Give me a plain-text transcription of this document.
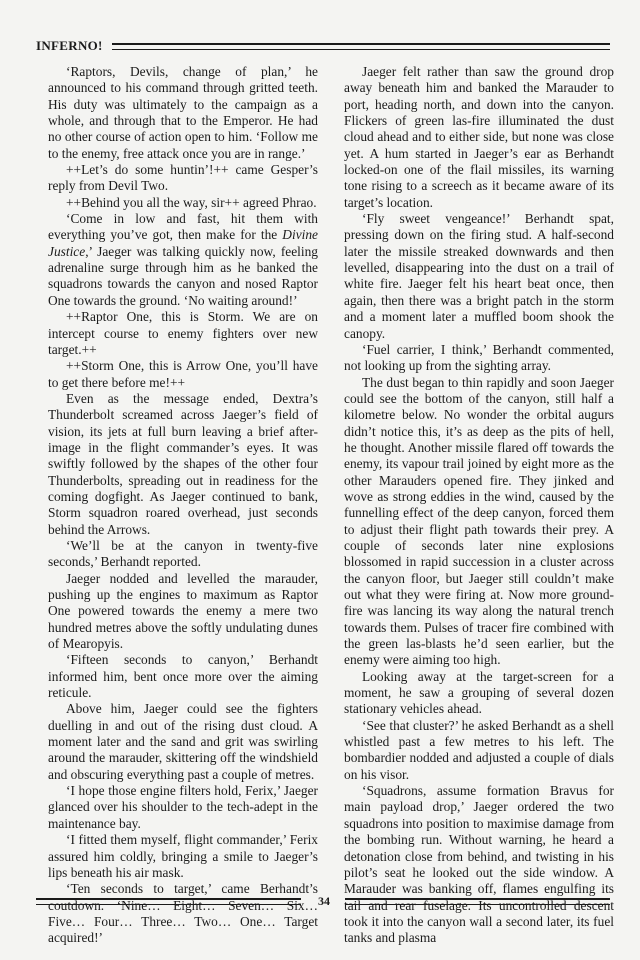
INFERNO!

‘Raptors, Devils, change of plan,’ he announced to his command through gritted teeth. His duty was ultimately to the campaign as a whole, and through that to the Emperor. He had no other course of action open to him. ‘Follow me to the enemy, free attack once you are in range.’

++Let’s do some huntin’!++ came Gesper’s reply from Devil Two.

++Behind you all the way, sir++ agreed Phrao.

‘Come in low and fast, hit them with everything you’ve got, then make for the Divine Justice,’ Jaeger was talking quickly now, feeling adrenaline surge through him as he banked the squadrons towards the canyon and nosed Raptor One towards the ground. ‘No waiting around!’

++Raptor One, this is Storm. We are on intercept course to enemy fighters over new target.++

++Storm One, this is Arrow One, you’ll have to get there before me!++

Even as the message ended, Dextra’s Thunderbolt screamed across Jaeger’s field of vision, its jets at full burn leaving a brief after-image in the flight commander’s eyes. It was swiftly followed by the shapes of the other four Thunderbolts, spreading out in readiness for the coming dogfight. As Jaeger continued to bank, Storm squadron roared overhead, just seconds behind the Arrows.

‘We’ll be at the canyon in twenty-five seconds,’ Berhandt reported.

Jaeger nodded and levelled the marauder, pushing up the engines to maximum as Raptor One powered towards the enemy a mere two hundred metres above the softly undulating dunes of Mearopyis.

‘Fifteen seconds to canyon,’ Berhandt informed him, bent once more over the aiming reticule.

Above him, Jaeger could see the fighters duelling in and out of the rising dust cloud. A moment later and the sand and grit was swirling around the marauder, skittering off the windshield and obscuring everything past a couple of metres.

‘I hope those engine filters hold, Ferix,’ Jaeger glanced over his shoulder to the tech-adept in the maintenance bay.

‘I fitted them myself, flight commander,’ Ferix assured him coldly, bringing a smile to Jaeger’s lips beneath his air mask.

‘Ten seconds to target,’ came Berhandt’s coutdown. ‘Nine… Eight… Seven… Six… Five… Four… Three… Two… One… Target acquired!’

Jaeger felt rather than saw the ground drop away beneath him and banked the Marauder to port, heading north, and down into the canyon. Flickers of green las-fire illuminated the dust cloud ahead and to either side, but none was close yet. A hum started in Jaeger’s ear as Berhandt locked-on one of the flail missiles, its warning tone rising to a screech as it became aware of its target’s location.

‘Fly sweet vengeance!’ Berhandt spat, pressing down on the firing stud. A half-second later the missile streaked downwards and then levelled, disappearing into the dust on a trail of white fire. Jaeger felt his heart beat once, then again, then there was a bright patch in the storm and a moment later a muffled boom shook the canopy.

‘Fuel carrier, I think,’ Berhandt commented, not looking up from the sighting array.

The dust began to thin rapidly and soon Jaeger could see the bottom of the canyon, still half a kilometre below. No wonder the orbital augurs didn’t notice this, it’s as deep as the pits of hell, he thought. Another missile flared off towards the enemy, its vapour trail joined by eight more as the other Marauders opened fire. They jinked and wove as strong eddies in the wind, caused by the funnelling effect of the deep canyon, forced them to adjust their flight path towards their prey. A couple of seconds later nine explosions blossomed in rapid succession in a cluster across the canyon floor, but Jaeger still couldn’t make out what they were firing at. Now more ground-fire was lancing its way along the natural trench towards them. Pulses of tracer fire combined with the green las-blasts he’d seen earlier, but the enemy were aiming too high.

Looking away at the target-screen for a moment, he saw a grouping of several dozen stationary vehicles ahead.

‘See that cluster?’ he asked Berhandt as a shell whistled past a few metres to his left. The bombardier nodded and adjusted a couple of dials on his visor.

‘Squadrons, assume formation Bravus for main payload drop,’ Jaeger ordered the two squadrons into position to maximise damage from the bombing run. Without warning, he heard a detonation close from behind, and twisting in his pilot’s seat he looked out the side window. A Marauder was banking off, flames engulfing its tail and rear fuselage. Its uncontrolled descent took it into the canyon wall a second later, its fuel tanks and plasma

34
